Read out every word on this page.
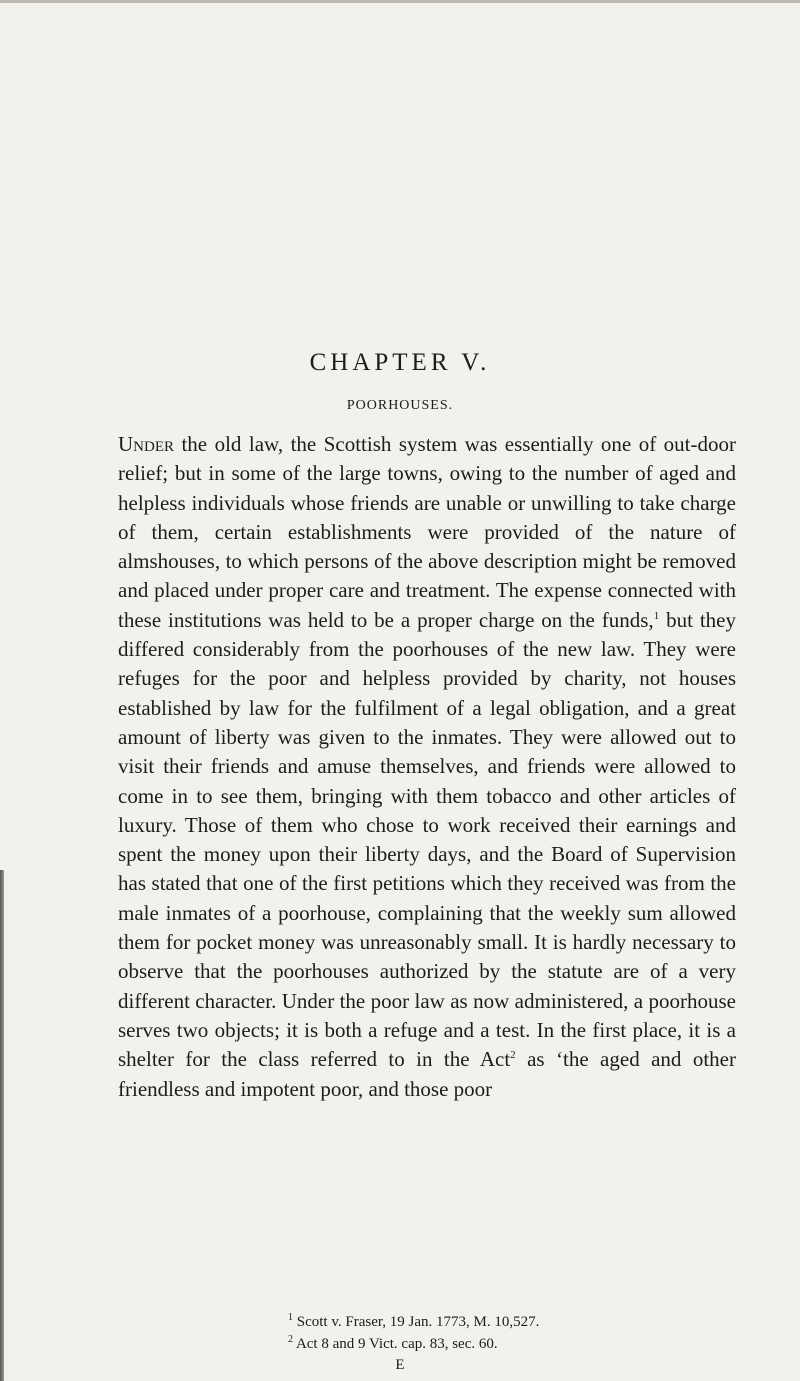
CHAPTER V.
POORHOUSES.

Under the old law, the Scottish system was essentially one of out-door relief; but in some of the large towns, owing to the number of aged and helpless individuals whose friends are unable or unwilling to take charge of them, certain establishments were provided of the nature of almshouses, to which persons of the above description might be removed and placed under proper care and treatment. The expense connected with these institutions was held to be a proper charge on the funds,$^1$ but they differed considerably from the poorhouses of the new law. They were refuges for the poor and helpless provided by charity, not houses established by law for the fulfilment of a legal obligation, and a great amount of liberty was given to the inmates. They were allowed out to visit their friends and amuse themselves, and friends were allowed to come in to see them, bringing with them tobacco and other articles of luxury. Those of them who chose to work received their earnings and spent the money upon their liberty days, and the Board of Supervision has stated that one of the first petitions which they received was from the male inmates of a poorhouse, complaining that the weekly sum allowed them for pocket money was unreasonably small. It is hardly necessary to observe that the poorhouses authorized by the statute are of a very different character. Under the poor law as now administered, a poorhouse serves two objects; it is both a refuge and a test. In the first place, it is a shelter for the class referred to in the Act$^2$ as ‘the aged and other friendless and impotent poor, and those poor

$^1$ Scott v. Fraser, 19 Jan. 1773, M. 10,527.
$^2$ Act 8 and 9 Vict. cap. 83, sec. 60.
E
